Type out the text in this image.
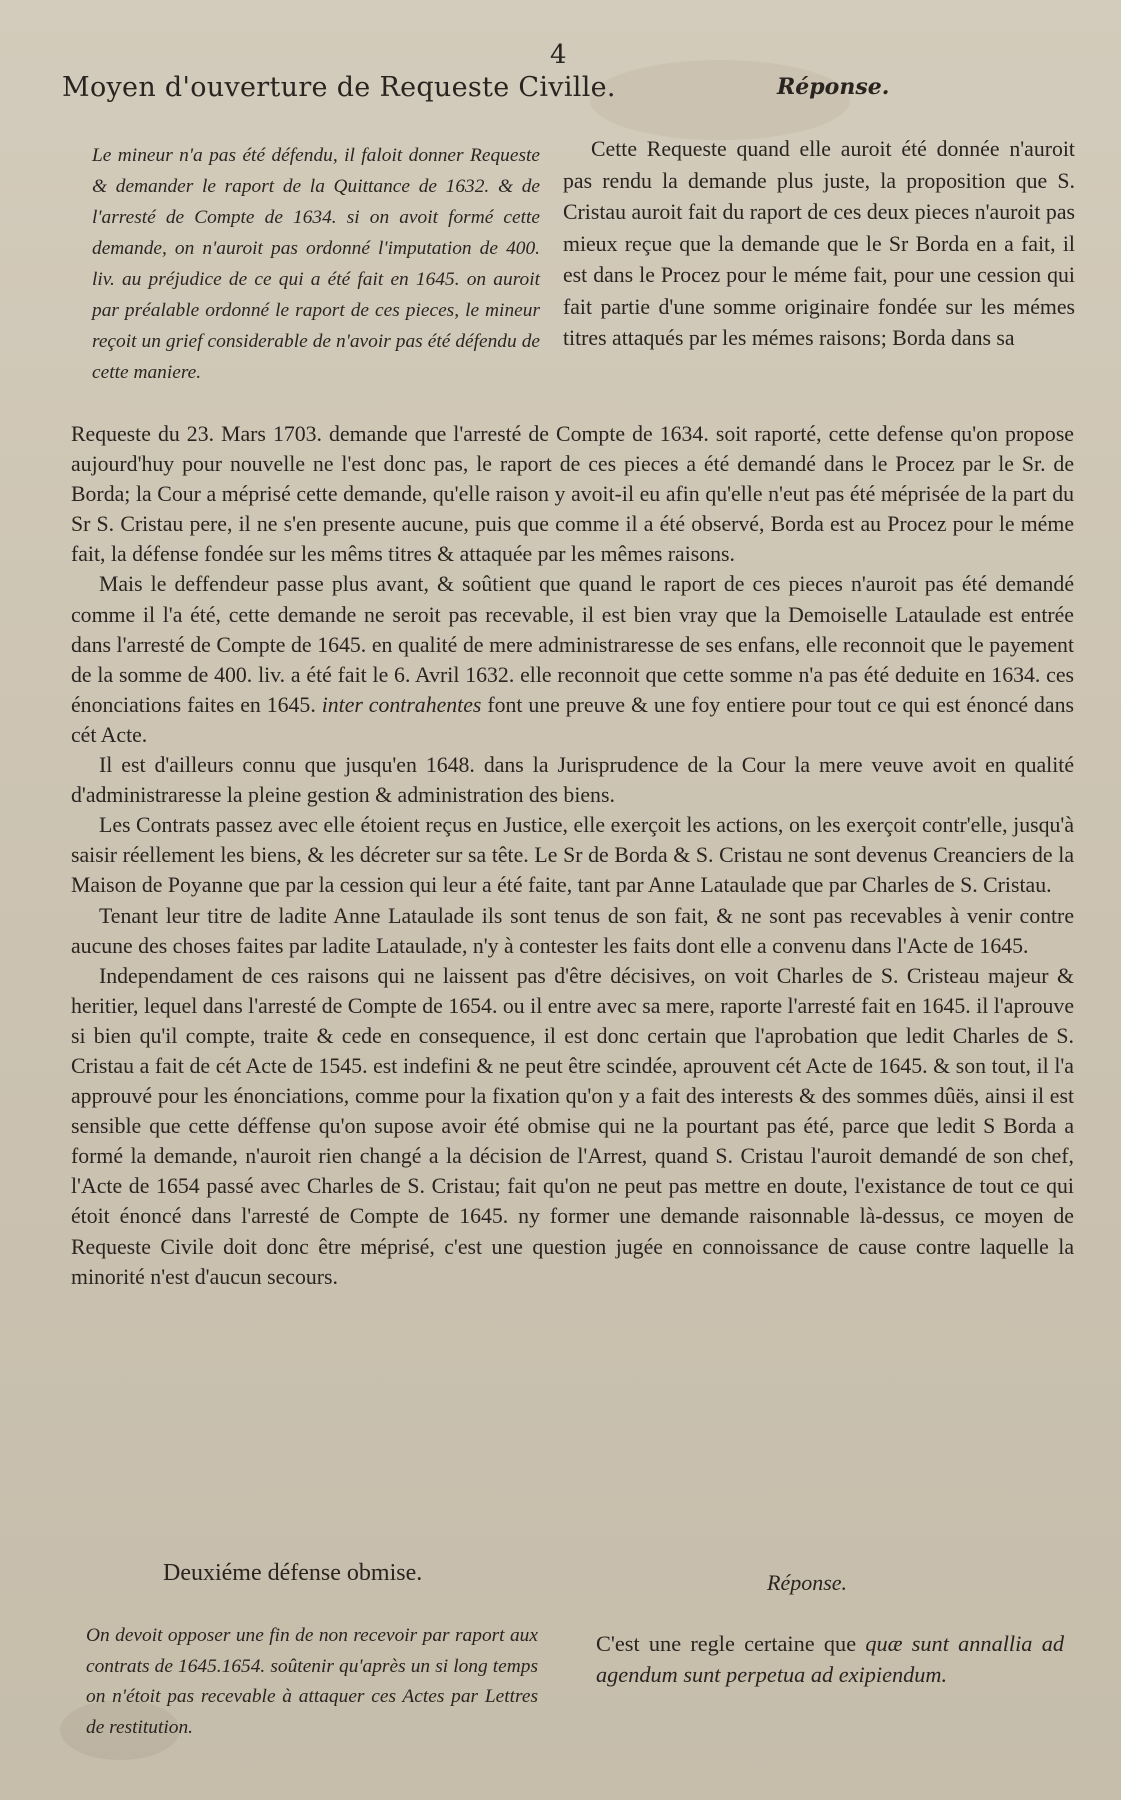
4
Moyen d'ouverture de Requeste Civille.	Réponse.
Le mineur n'a pas été défendu, il faloit donner Requeste & demander le raport de la Quittance de 1632. & de l'arresté de Compte de 1634. si on avoit formé cette demande, on n'auroit pas ordonné l'imputation de 400. liv. au préjudice de ce qui a été fait en 1645. on auroit par préalable ordonné le raport de ces pieces, le mineur reçoit un grief considerable de n'avoir pas été défendu de cette maniere.

Cette Requeste quand elle auroit été donnée n'auroit pas rendu la demande plus juste, la proposition que S. Cristau auroit fait du raport de ces deux pieces n'auroit pas mieux reçue que la demande que le Sr Borda en a fait, il est dans le Procez pour le méme fait, pour une cession qui fait partie d'une somme originaire fondée sur les mémes titres attaqués par les mémes raisons; Borda dans sa

Requeste du 23. Mars 1703. demande que l'arresté de Compte de 1634. soit raporté, cette defense qu'on propose aujourd'huy pour nouvelle ne l'est donc pas, le raport de ces pieces a été demandé dans le Procez par le Sr. de Borda; la Cour a méprisé cette demande, qu'elle raison y avoit-il eu afin qu'elle n'eut pas été méprisée de la part du Sr S. Cristau pere, il ne s'en presente aucune, puis que comme il a été observé, Borda est au Procez pour le méme fait, la défense fondée sur les mêms titres & attaquée par les mêmes raisons.

Mais le deffendeur passe plus avant, & soûtient que quand le raport de ces pieces n'auroit pas été demandé comme il l'a été, cette demande ne seroit pas recevable, il est bien vray que la Demoiselle Lataulade est entrée dans l'arresté de Compte de 1645. en qualité de mere administraresse de ses enfans, elle reconnoit que le payement de la somme de 400. liv. a été fait le 6. Avril 1632. elle reconnoit que cette somme n'a pas été deduite en 1634. ces énonciations faites en 1645. inter contrahentes font une preuve & une foy entiere pour tout ce qui est énoncé dans cét Acte.

Il est d'ailleurs connu que jusqu'en 1648. dans la Jurisprudence de la Cour la mere veuve avoit en qualité d'administraresse la pleine gestion & administration des biens.

Les Contrats passez avec elle étoient reçus en Justice, elle exerçoit les actions, on les exerçoit contr'elle, jusqu'à saisir réellement les biens, & les décreter sur sa tête. Le Sr de Borda & S. Cristau ne sont devenus Creanciers de la Maison de Poyanne que par la cession qui leur a été faite, tant par Anne Lataulade que par Charles de S. Cristau.

Tenant leur titre de ladite Anne Lataulade ils sont tenus de son fait, & ne sont pas recevables à venir contre aucune des choses faites par ladite Lataulade, n'y à contester les faits dont elle a convenu dans l'Acte de 1645.

Independament de ces raisons qui ne laissent pas d'être décisives, on voit Charles de S. Cristeau majeur & heritier, lequel dans l'arresté de Compte de 1654. ou il entre avec sa mere, raporte l'arresté fait en 1645. il l'aprouve si bien qu'il compte, traite & cede en consequence, il est donc certain que l'aprobation que ledit Charles de S. Cristau a fait de cét Acte de 1545. est indefini & ne peut être scindée, aprouvent cét Acte de 1645. & son tout, il l'a approuvé pour les énonciations, comme pour la fixation qu'on y a fait des interests & des sommes dûës, ainsi il est sensible que cette déffense qu'on supose avoir été obmise qui ne la pourtant pas été, parce que ledit S Borda a formé la demande, n'auroit rien changé a la décision de l'Arrest, quand S. Cristau l'auroit demandé de son chef, l'Acte de 1654 passé avec Charles de S. Cristau; fait qu'on ne peut pas mettre en doute, l'existance de tout ce qui étoit énoncé dans l'arresté de Compte de 1645. ny former une demande raisonnable là-dessus, ce moyen de Requeste Civile doit donc être méprisé, c'est une question jugée en connoissance de cause contre laquelle la minorité n'est d'aucun secours.

Deuxiéme défense obmise.	Réponse.
On devoit opposer une fin de non recevoir par raport aux contrats de 1645.1654. soûtenir qu'après un si long temps on n'étoit pas recevable à attaquer ces Actes par Lettres de restitution.
C'est une regle certaine que quæ sunt annallia ad agendum sunt perpetua ad exipiendum.
